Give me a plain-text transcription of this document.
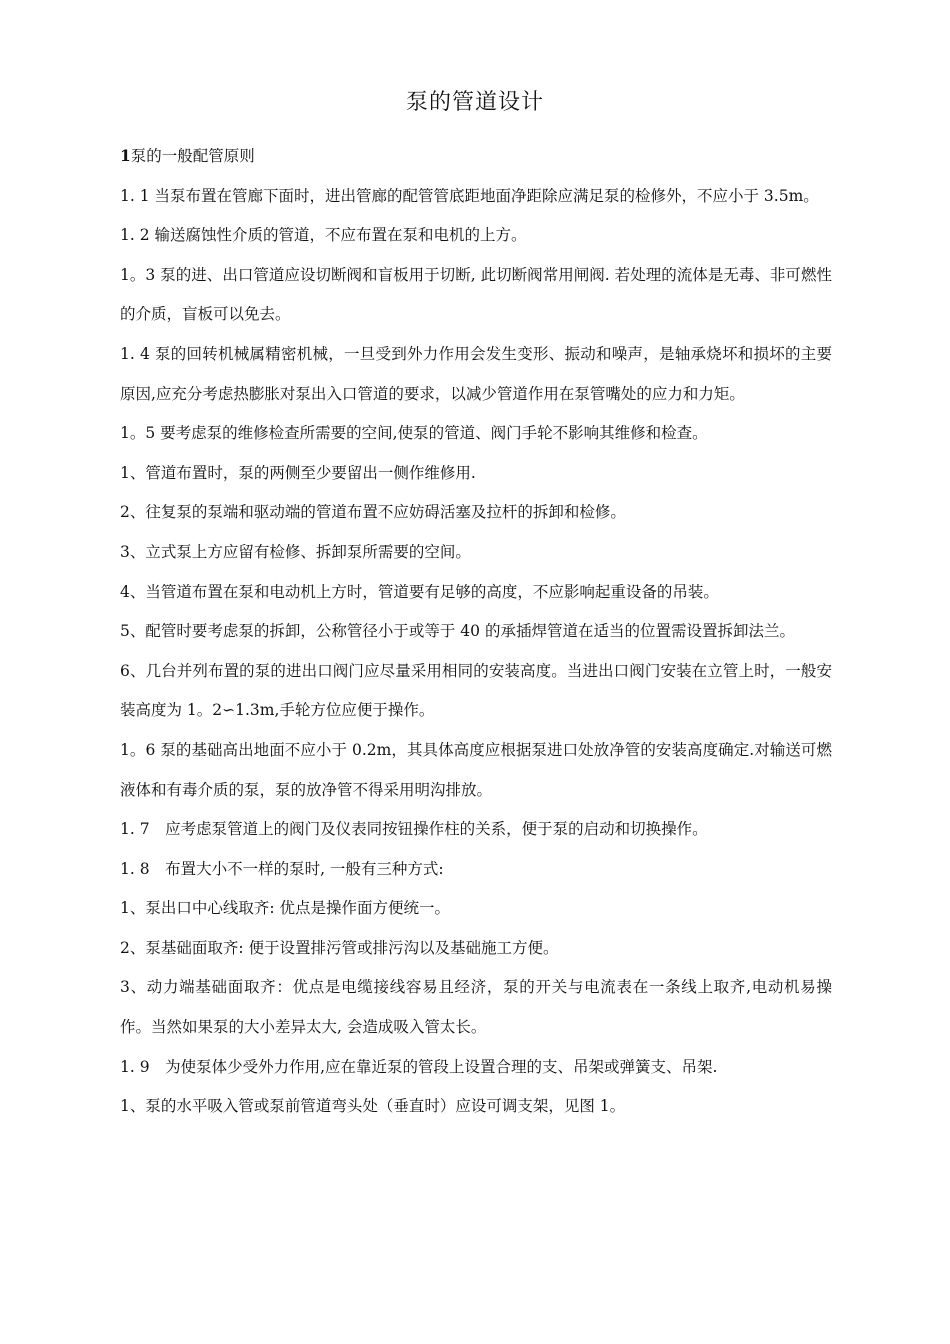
泵的管道设计

1泵的一般配管原则

1. 1 当泵布置在管廊下面时，进出管廊的配管管底距地面净距除应满足泵的检修外，不应小于 3.5m。

1. 2 输送腐蚀性介质的管道，不应布置在泵和电机的上方。

1。3 泵的进、出口管道应设切断阀和盲板用于切断, 此切断阀常用闸阀. 若处理的流体是无毒、非可燃性的介质，盲板可以免去。

1. 4 泵的回转机械属精密机械，一旦受到外力作用会发生变形、振动和噪声，是轴承烧坏和损坏的主要原因,应充分考虑热膨胀对泵出入口管道的要求，以减少管道作用在泵管嘴处的应力和力矩。

1。5 要考虑泵的维修检查所需要的空间,使泵的管道、阀门手轮不影响其维修和检查。

1、管道布置时，泵的两侧至少要留出一侧作维修用.

2、往复泵的泵端和驱动端的管道布置不应妨碍活塞及拉杆的拆卸和检修。

3、立式泵上方应留有检修、拆卸泵所需要的空间。

4、当管道布置在泵和电动机上方时，管道要有足够的高度，不应影响起重设备的吊装。

5、配管时要考虑泵的拆卸，公称管径小于或等于 40 的承插焊管道在适当的位置需设置拆卸法兰。

6、几台并列布置的泵的进出口阀门应尽量采用相同的安装高度。当进出口阀门安装在立管上时，一般安装高度为 1。2∽1.3m,手轮方位应便于操作。

1。6 泵的基础高出地面不应小于 0.2m，其具体高度应根据泵进口处放净管的安装高度确定.对输送可燃液体和有毒介质的泵，泵的放净管不得采用明沟排放。

1. 7　应考虑泵管道上的阀门及仪表同按钮操作柱的关系，便于泵的启动和切换操作。

1. 8　布置大小不一样的泵时, 一般有三种方式:

1、泵出口中心线取齐: 优点是操作面方便统一。

2、泵基础面取齐: 便于设置排污管或排污沟以及基础施工方便。

3、动力端基础面取齐：优点是电缆接线容易且经济，泵的开关与电流表在一条线上取齐,电动机易操作。当然如果泵的大小差异太大, 会造成吸入管太长。

1. 9　为使泵体少受外力作用,应在靠近泵的管段上设置合理的支、吊架或弹簧支、吊架.

1、泵的水平吸入管或泵前管道弯头处（垂直时）应设可调支架，见图 1。
